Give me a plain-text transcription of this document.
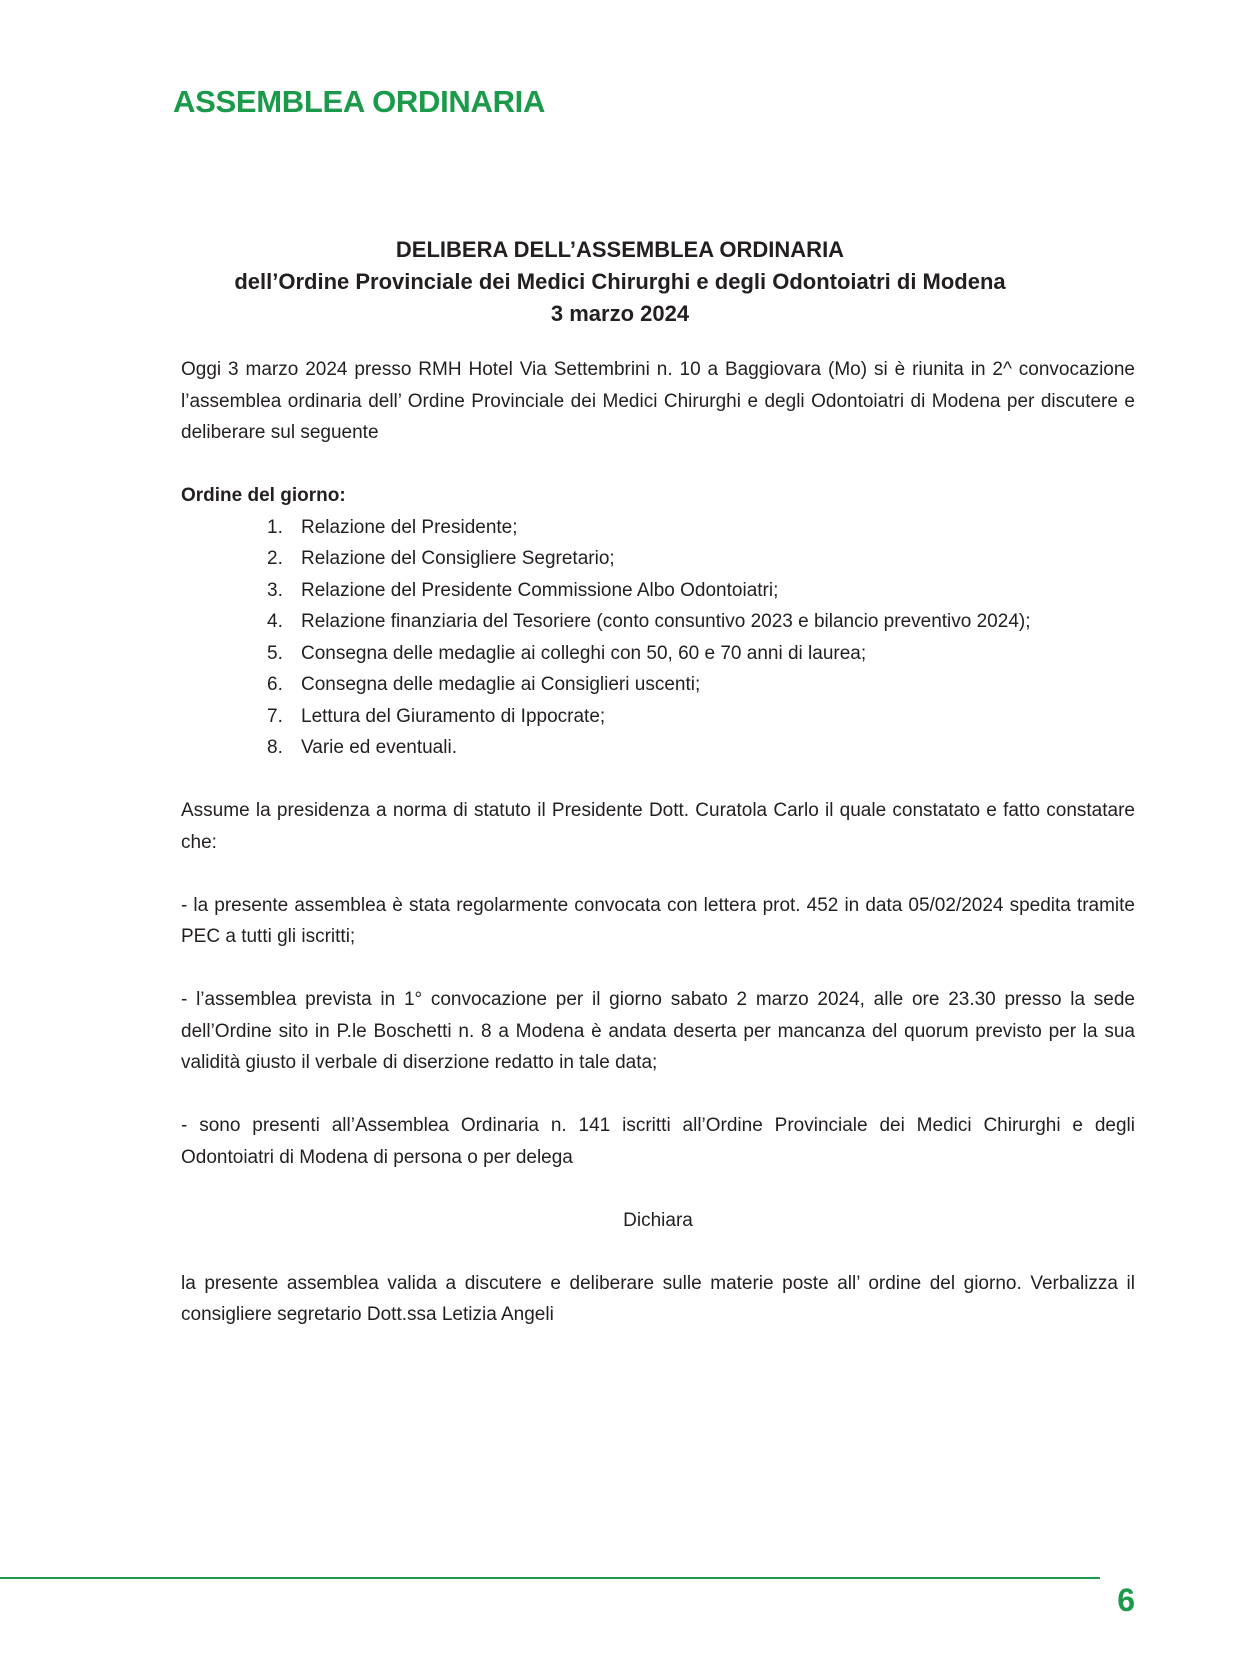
ASSEMBLEA ORDINARIA
DELIBERA DELL’ASSEMBLEA ORDINARIA
dell’Ordine Provinciale dei Medici Chirurghi e degli Odontoiatri di Modena
3 marzo 2024

Oggi 3 marzo 2024 presso RMH Hotel Via Settembrini n. 10 a Baggiovara (Mo) si è riunita in 2^ convocazione l’assemblea ordinaria dell’ Ordine Provinciale dei Medici Chirurghi e degli Odontoiatri di Modena per discutere e deliberare sul seguente

Ordine del giorno:

1. Relazione del Presidente;
2. Relazione del Consigliere Segretario;
3. Relazione del Presidente Commissione Albo Odontoiatri;
4. Relazione finanziaria del Tesoriere (conto consuntivo 2023 e bilancio preventivo 2024);
5. Consegna delle medaglie ai colleghi con 50, 60 e 70 anni di laurea;
6. Consegna delle medaglie ai Consiglieri uscenti;
7. Lettura del Giuramento di Ippocrate;
8. Varie ed eventuali.

Assume la presidenza a norma di statuto il Presidente Dott. Curatola Carlo il quale constatato e fatto constatare che:

- la presente assemblea è stata regolarmente convocata con lettera prot. 452 in data 05/02/2024 spedita tramite PEC a tutti gli iscritti;

- l’assemblea prevista in 1° convocazione per il giorno sabato 2 marzo 2024, alle ore 23.30 presso la sede dell’Ordine sito in P.le Boschetti n. 8 a Modena è andata deserta per mancanza del quorum previsto per la sua validità giusto il verbale di diserzione redatto in tale data;

- sono presenti all’Assemblea Ordinaria n. 141 iscritti all’Ordine Provinciale dei Medici Chirurghi e degli Odontoiatri di Modena di persona o per delega

Dichiara

la presente assemblea valida a discutere e deliberare sulle materie poste all’ ordine del giorno. Verbalizza il consigliere segretario Dott.ssa Letizia Angeli

6
